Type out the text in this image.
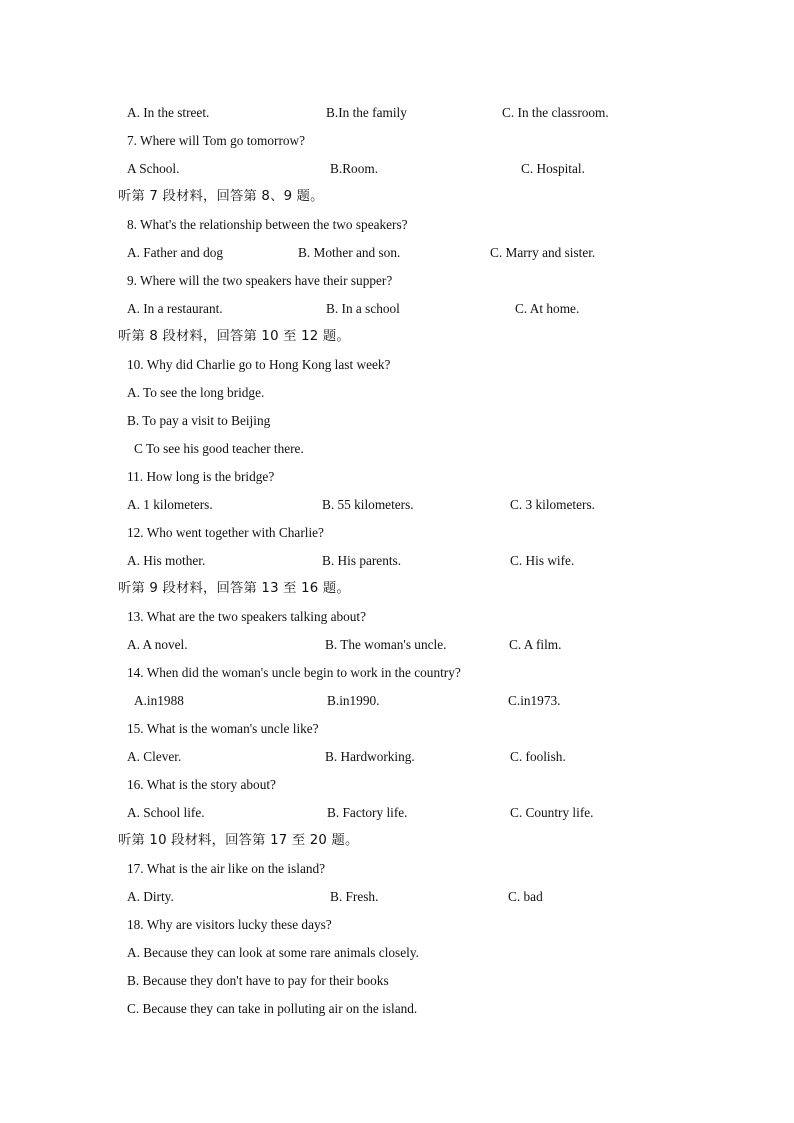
A. In the street.	B.In the family	C. In the classroom.
7. Where will Tom go tomorrow?
A School.	B.Room.	C. Hospital.
听第 7 段材料，回答第 8、9 题。
8. What's the relationship between the two speakers?
A. Father and dog	B. Mother and son.	C. Marry and sister.
9. Where will the two speakers have their supper?
A. In a restaurant.	B. In a school	C. At home.
听第 8 段材料，回答第 10 至 12 题。
10. Why did Charlie go to Hong Kong last week?
A. To see the long bridge.
B. To pay a visit to Beijing
C To see his good teacher there.
11. How long is the bridge?
A. 1 kilometers.	B. 55 kilometers.	C. 3 kilometers.
12. Who went together with Charlie?
A. His mother.	B. His parents.	C. His wife.
听第 9 段材料，回答第 13 至 16 题。
13. What are the two speakers talking about?
A. A novel.	B. The woman's uncle.	C. A film.
14. When did the woman's uncle begin to work in the country?
A.in1988	B.in1990.	C.in1973.
15. What is the woman's uncle like?
A. Clever.	B. Hardworking.	C. foolish.
16. What is the story about?
A. School life.	B. Factory life.	C. Country life.
听第 10 段材料，回答第 17 至 20 题。
17. What is the air like on the island?
A. Dirty.	B. Fresh.	C. bad
18. Why are visitors lucky these days?
A. Because they can look at some rare animals closely.
B. Because they don't have to pay for their books
C. Because they can take in polluting air on the island.
